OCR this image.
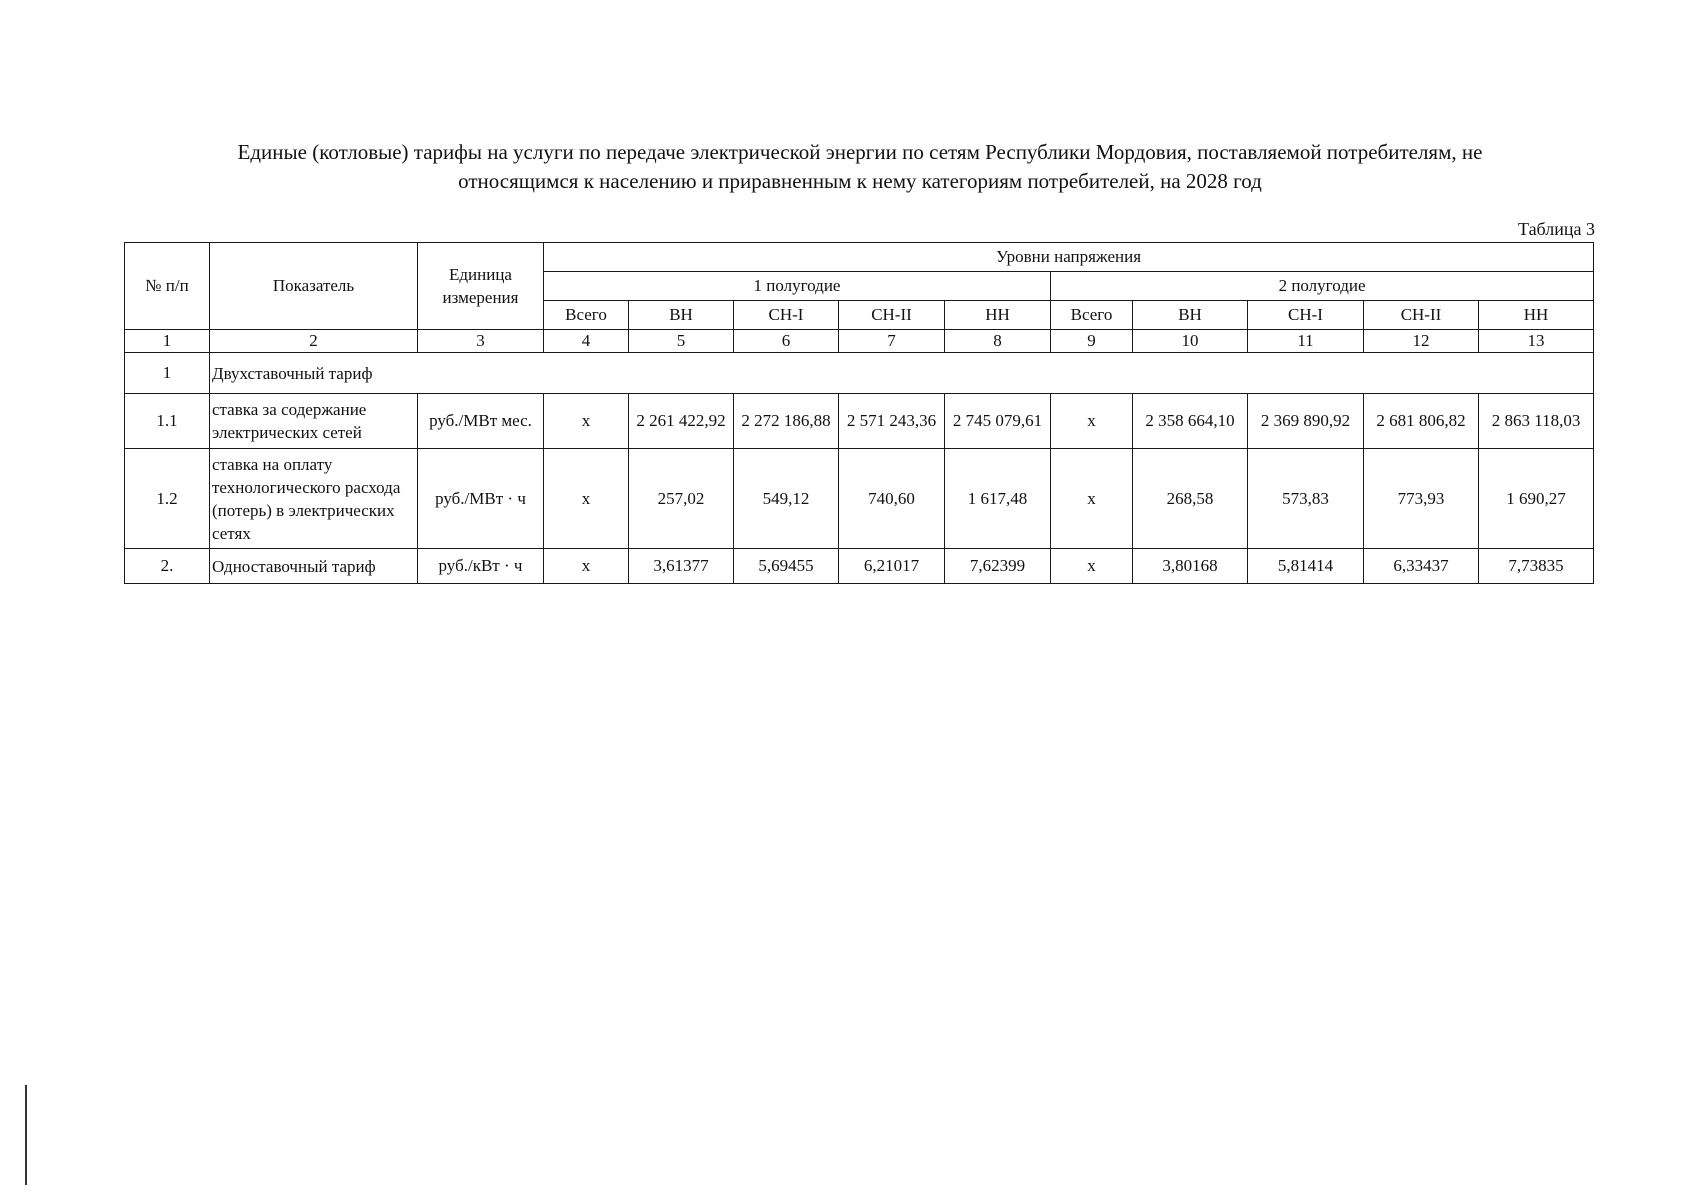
Единые (котловые) тарифы на услуги по передаче электрической энергии по сетям Республики Мордовия, поставляемой потребителям, не
относящимся к населению и приравненным к нему категориям потребителей, на 2028 год
Таблица 3
№ п/п	Показатель	Единица измерения	Уровни напряжения									
			1 полугодие					2 полугодие				
			Всего	ВН	СН-I	СН-II	НН	Всего	ВН	СН-I	СН-II	НН
1	2	3	4	5	6	7	8	9	10	11	12	13
1	Двухставочный тариф											
1.1	ставка за содержание электрических сетей	руб./МВт мес.	х	2 261 422,92	2 272 186,88	2 571 243,36	2 745 079,61	х	2 358 664,10	2 369 890,92	2 681 806,82	2 863 118,03
1.2	ставка на оплату технологического расхода (потерь) в электрических сетях	руб./МВт · ч	х	257,02	549,12	740,60	1 617,48	х	268,58	573,83	773,93	1 690,27
2.	Одноставочный тариф	руб./кВт · ч	х	3,61377	5,69455	6,21017	7,62399	х	3,80168	5,81414	6,33437	7,73835
